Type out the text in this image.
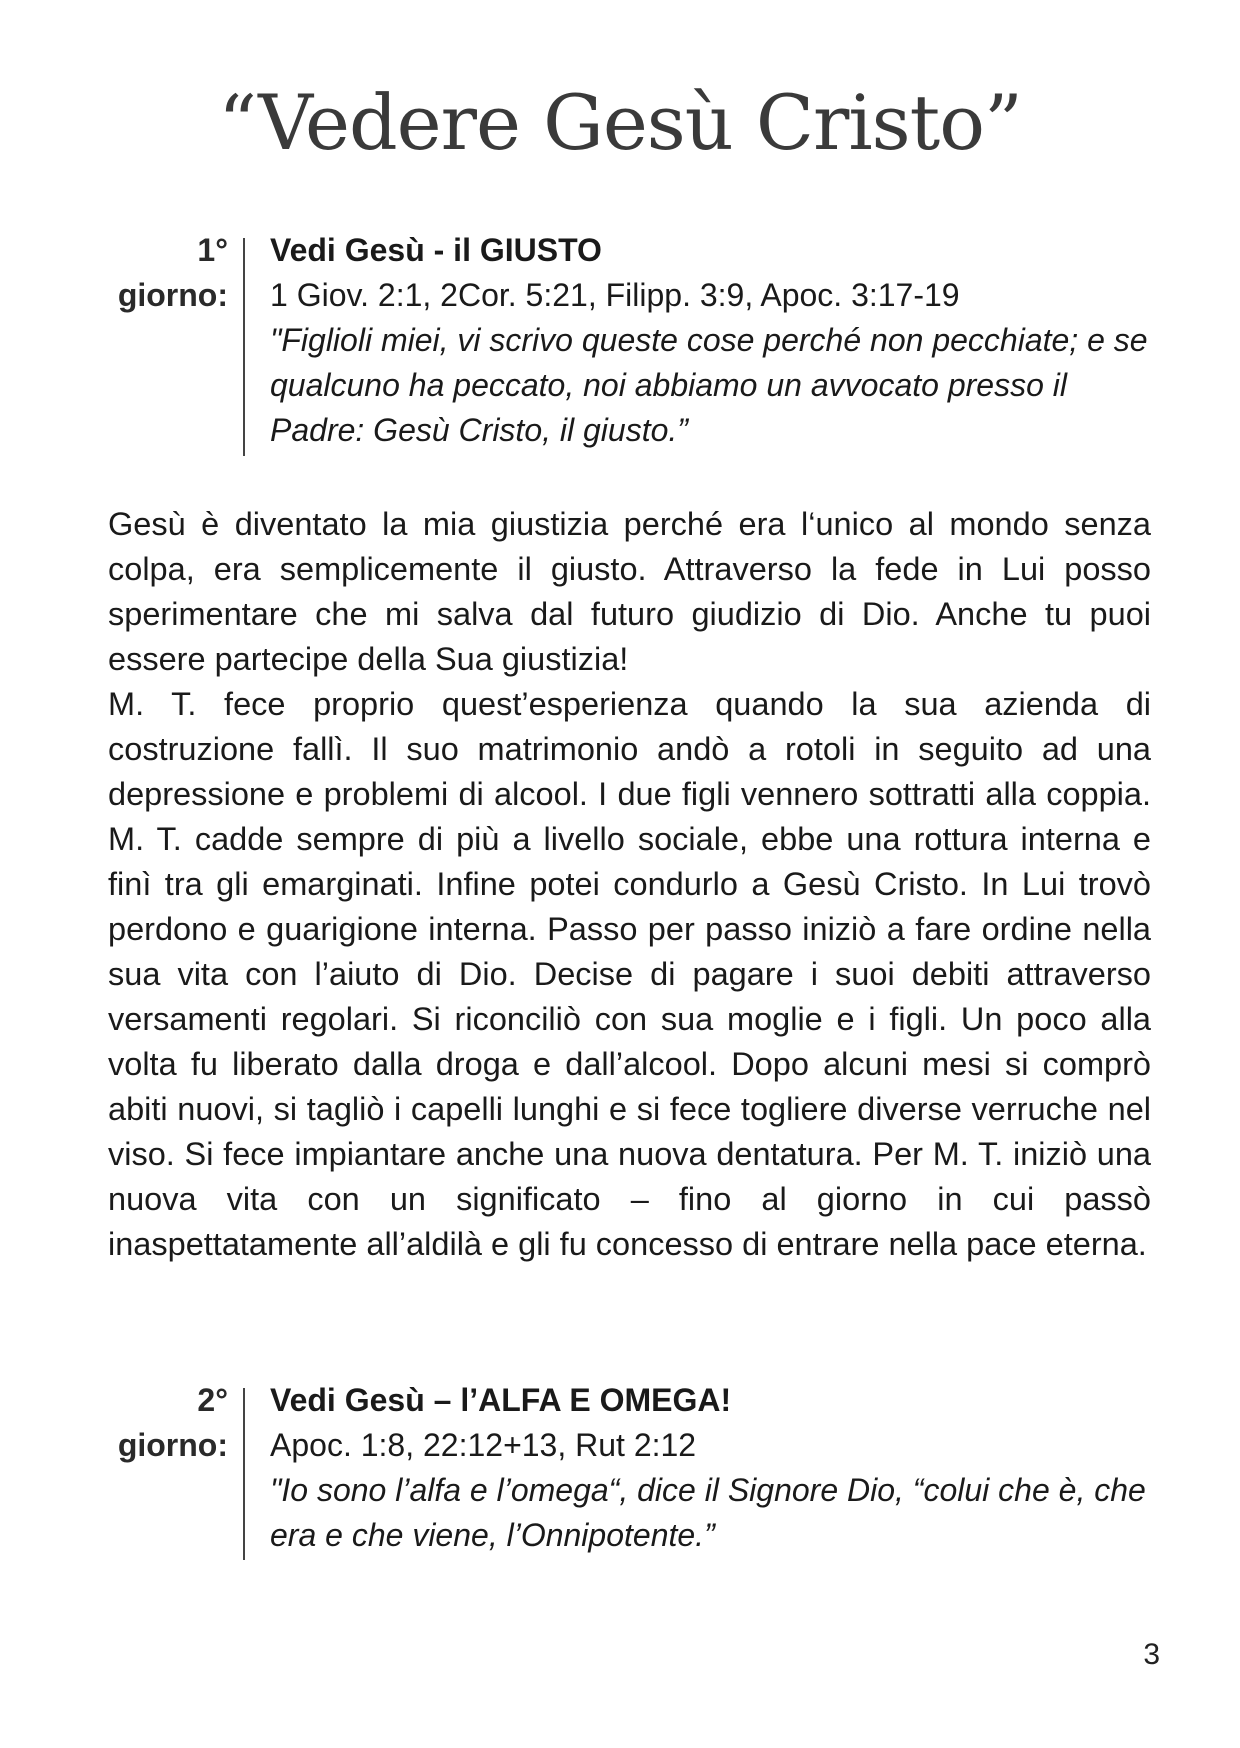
“Vedere Gesù Cristo”
1°
giorno:

Vedi Gesù - il GIUSTO

1 Giov. 2:1, 2Cor. 5:21, Filipp. 3:9, Apoc. 3:17-19

"Figlioli miei, vi scrivo queste cose perché non pecchiate; e se qualcuno ha peccato, noi abbiamo un avvocato presso il Padre: Gesù Cristo, il giusto.”

Gesù è diventato la mia giustizia perché era l‘unico al mondo senza colpa, era semplicemente il giusto. Attraverso la fede in Lui posso sperimentare che mi salva dal futuro giudizio di Dio. Anche tu puoi essere partecipe della Sua giustizia!

M. T. fece proprio quest’esperienza quando la sua azienda di costruzione fallì. Il suo matrimonio andò a rotoli in seguito ad una depressione e problemi di alcool. I due figli vennero sottratti alla coppia. M. T. cadde sempre di più a livello sociale, ebbe una rottura interna e finì tra gli emarginati. Infine potei condurlo a Gesù Cristo. In Lui trovò perdono e guarigione interna. Passo per passo iniziò a fare ordine nella sua vita con l’aiuto di Dio. Decise di pagare i suoi debiti attraverso versamenti regolari. Si riconciliò con sua moglie e i figli. Un poco alla volta fu liberato dalla droga e dall’alcool. Dopo alcuni mesi si comprò abiti nuovi, si tagliò i capelli lunghi e si fece togliere diverse verruche nel viso. Si fece impiantare anche una nuova dentatura. Per M. T. iniziò una nuova vita con un significato – fino al giorno in cui passò inaspettatamente all’aldilà e gli fu concesso di entrare nella pace eterna.

2°
giorno:

Vedi Gesù – l’ALFA E OMEGA!

Apoc. 1:8, 22:12+13, Rut 2:12

"Io sono l’alfa e l’omega“, dice il Signore Dio, “colui che è, che era e che viene, l’Onnipotente.”

3
